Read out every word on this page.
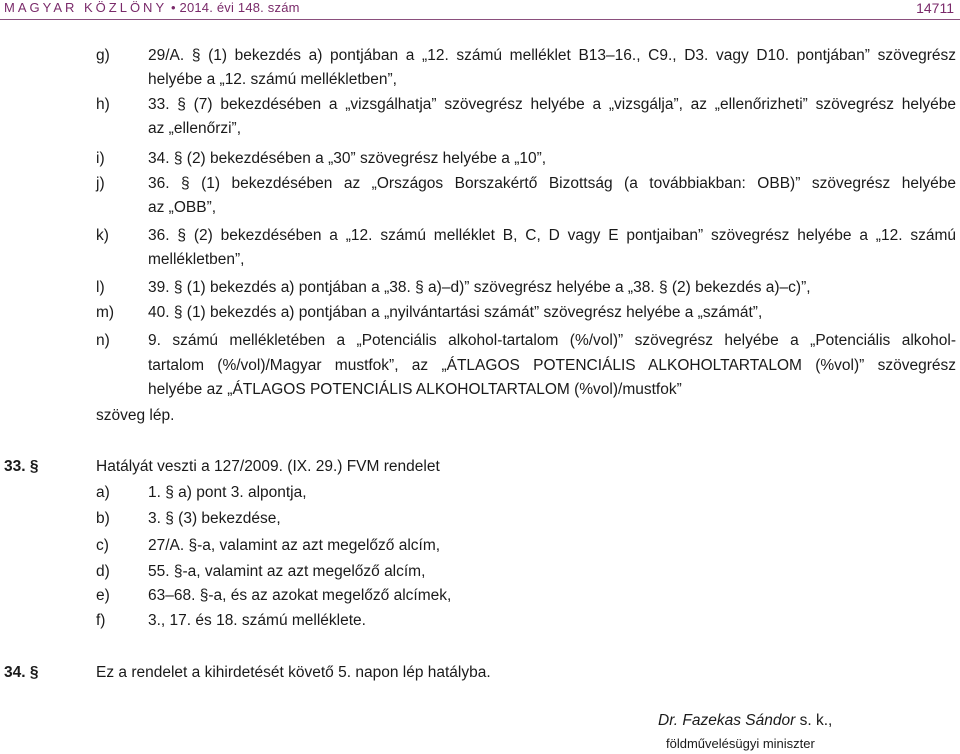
MAGYAR KÖZLÖNY • 2014. évi 148. szám	14711
g) 29/A. § (1) bekezdés a) pontjában a „12. számú melléklet B13–16., C9., D3. vagy D10. pontjában” szövegrész
helyébe a „12. számú mellékletben”,
h) 33. § (7) bekezdésében a „vizsgálhatja” szövegrész helyébe a „vizsgálja”, az „ellenőrizheti” szövegrész helyébe
az „ellenőrzi”,
i)	34. § (2) bekezdésében a „30” szövegrész helyébe a „10”,
j)	36. § (1) bekezdésében az „Országos Borszakértő Bizottság (a továbbiakban: OBB)” szövegrész helyébe
az „OBB”,
k)	36. § (2) bekezdésében a „12. számú melléklet B, C, D vagy E pontjaiban” szövegrész helyébe a „12. számú
mellékletben”,
l)	39. § (1) bekezdés a) pontjában a „38. § a)–d)” szövegrész helyébe a „38. § (2) bekezdés a)–c)”,
m) 40. § (1) bekezdés a) pontjában a „nyilvántartási számát” szövegrész helyébe a „számát”,
n) 9. számú mellékletében a „Potenciális alkohol-tartalom (%/vol)” szövegrész helyébe a „Potenciális alkohol-
tartalom (%/vol)/Magyar mustfok”, az „ÁTLAGOS POTENCIÁLIS ALKOHOLTARTALOM (%vol)” szövegrész
helyébe az „ÁTLAGOS POTENCIÁLIS ALKOHOLTARTALOM (%vol)/mustfok”
szöveg lép.
33. §	Hatályát veszti a 127/2009. (IX. 29.) FVM rendelet
a) 1. § a) pont 3. alpontja,
b) 3. § (3) bekezdése,
c)	27/A. §-a, valamint az azt megelőző alcím,
d) 55. §-a, valamint az azt megelőző alcím,
e) 63–68. §-a, és az azokat megelőző alcímek,
f)	3., 17. és 18. számú melléklete.
34. §	Ez a rendelet a kihirdetését követő 5. napon lép hatályba.
Dr. Fazekas Sándor s. k.,
földművelésügyi miniszter
